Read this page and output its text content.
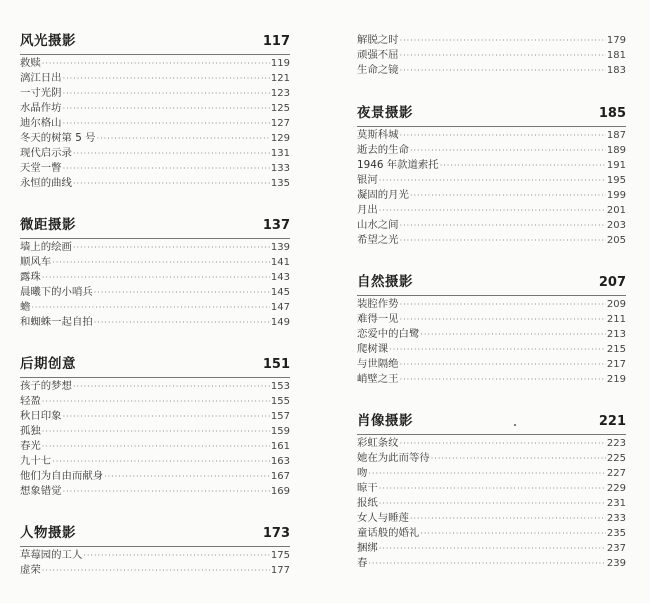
风光摄影	117
救赎 ·····	119
漓江日出 ·····	121
一寸光阴 ·····	123
水晶作坊 ·····	125
迪尔格山 ·····	127
冬天的树第 5 号 ·····	129
现代启示录 ·····	131
天堂一瞥 ·····	133
永恒的曲线 ·····	135
微距摄影	137
墙上的绘画 ·····	139
顺风车 ·····	141
露珠 ·····	143
晨曦下的小哨兵 ·····	145
蟾 ·····	147
和蜘蛛一起自拍 ·····	149
后期创意	151
孩子的梦想 ·····	153
轻盈 ·····	155
秋日印象 ·····	157
孤独 ·····	159
春光 ·····	161
九十七 ·····	163
他们为自由而献身 ·····	167
想象错觉 ·····	169
人物摄影	173
草莓园的工人 ·····	175
虚荣 ·····	177
解脱之时 ·····	179
顽强不屈 ·····	181
生命之镜 ·····	183
夜景摄影	185
莫斯科城 ·····	187
逝去的生命 ·····	189
1946 年款道索托 ·····	191
银河 ·····	195
凝固的月光 ·····	199
月出 ·····	201
山水之间 ·····	203
希望之光 ·····	205
自然摄影	207
装腔作势 ·····	209
难得一见 ·····	211
恋爱中的白鹭 ·····	213
爬树课 ·····	215
与世隔绝 ·····	217
峭壁之王 ·····	219
肖像摄影	221
彩虹条纹 ·····	223
她在为此而等待 ·····	225
吻 ·····	227
晾干 ·····	229
报纸 ·····	231
女人与睡莲 ·····	233
童话般的婚礼 ·····	235
捆绑 ·····	237
春 ·····	239
